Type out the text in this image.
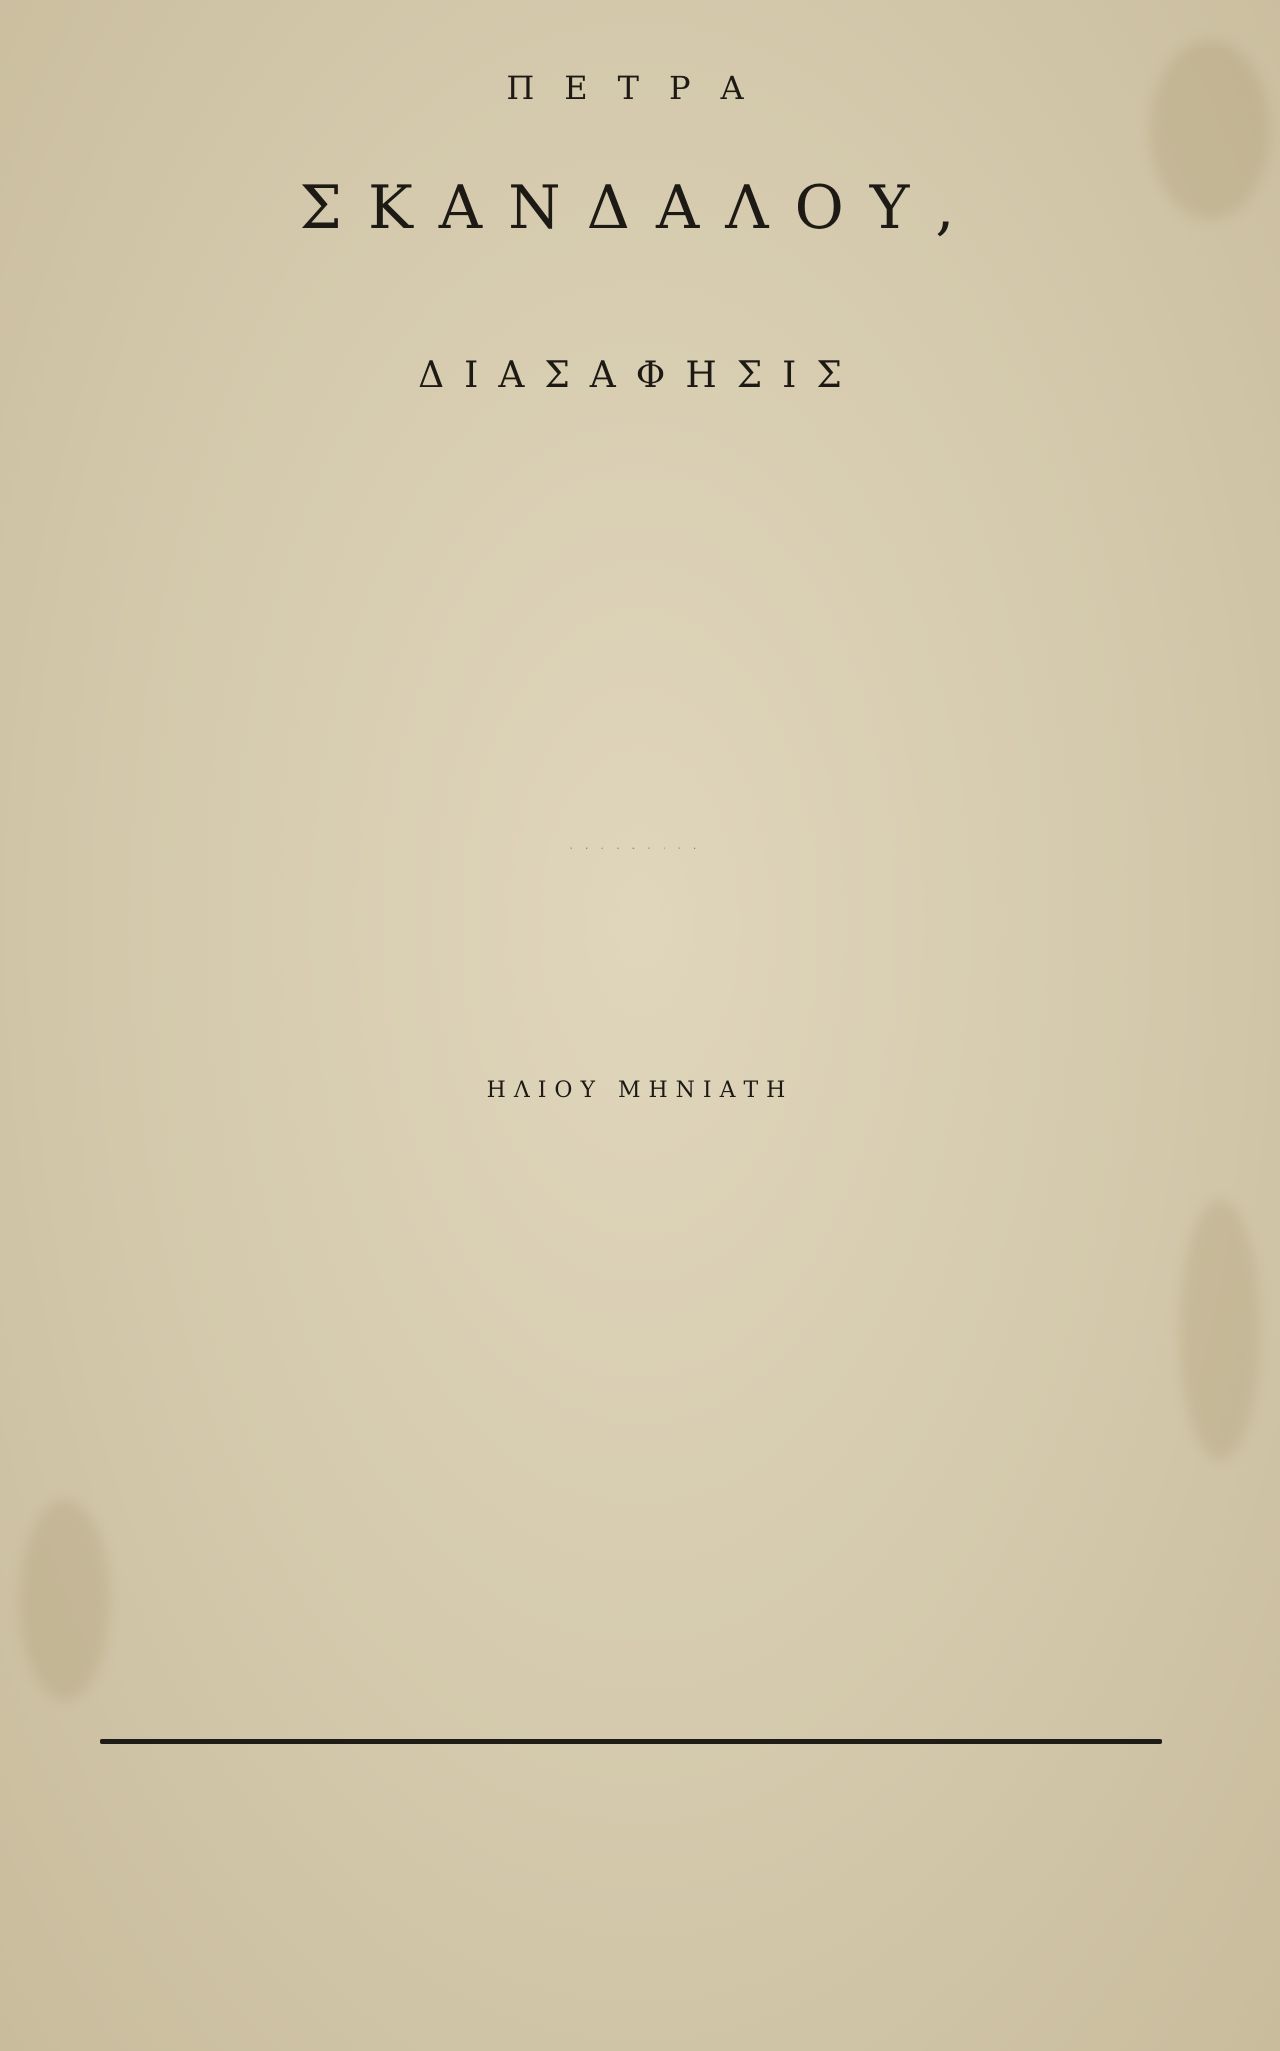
ΠΕΤΡΑ
ΣΚΑΝΔΑΛΟΥ,
ΔΙΑΣΑΦΗΣΙΣ
ΕΚΔΟΘΕΙΣΑ
ΗΛΙΟΥ ΜΗΝΙΑΤΗ
